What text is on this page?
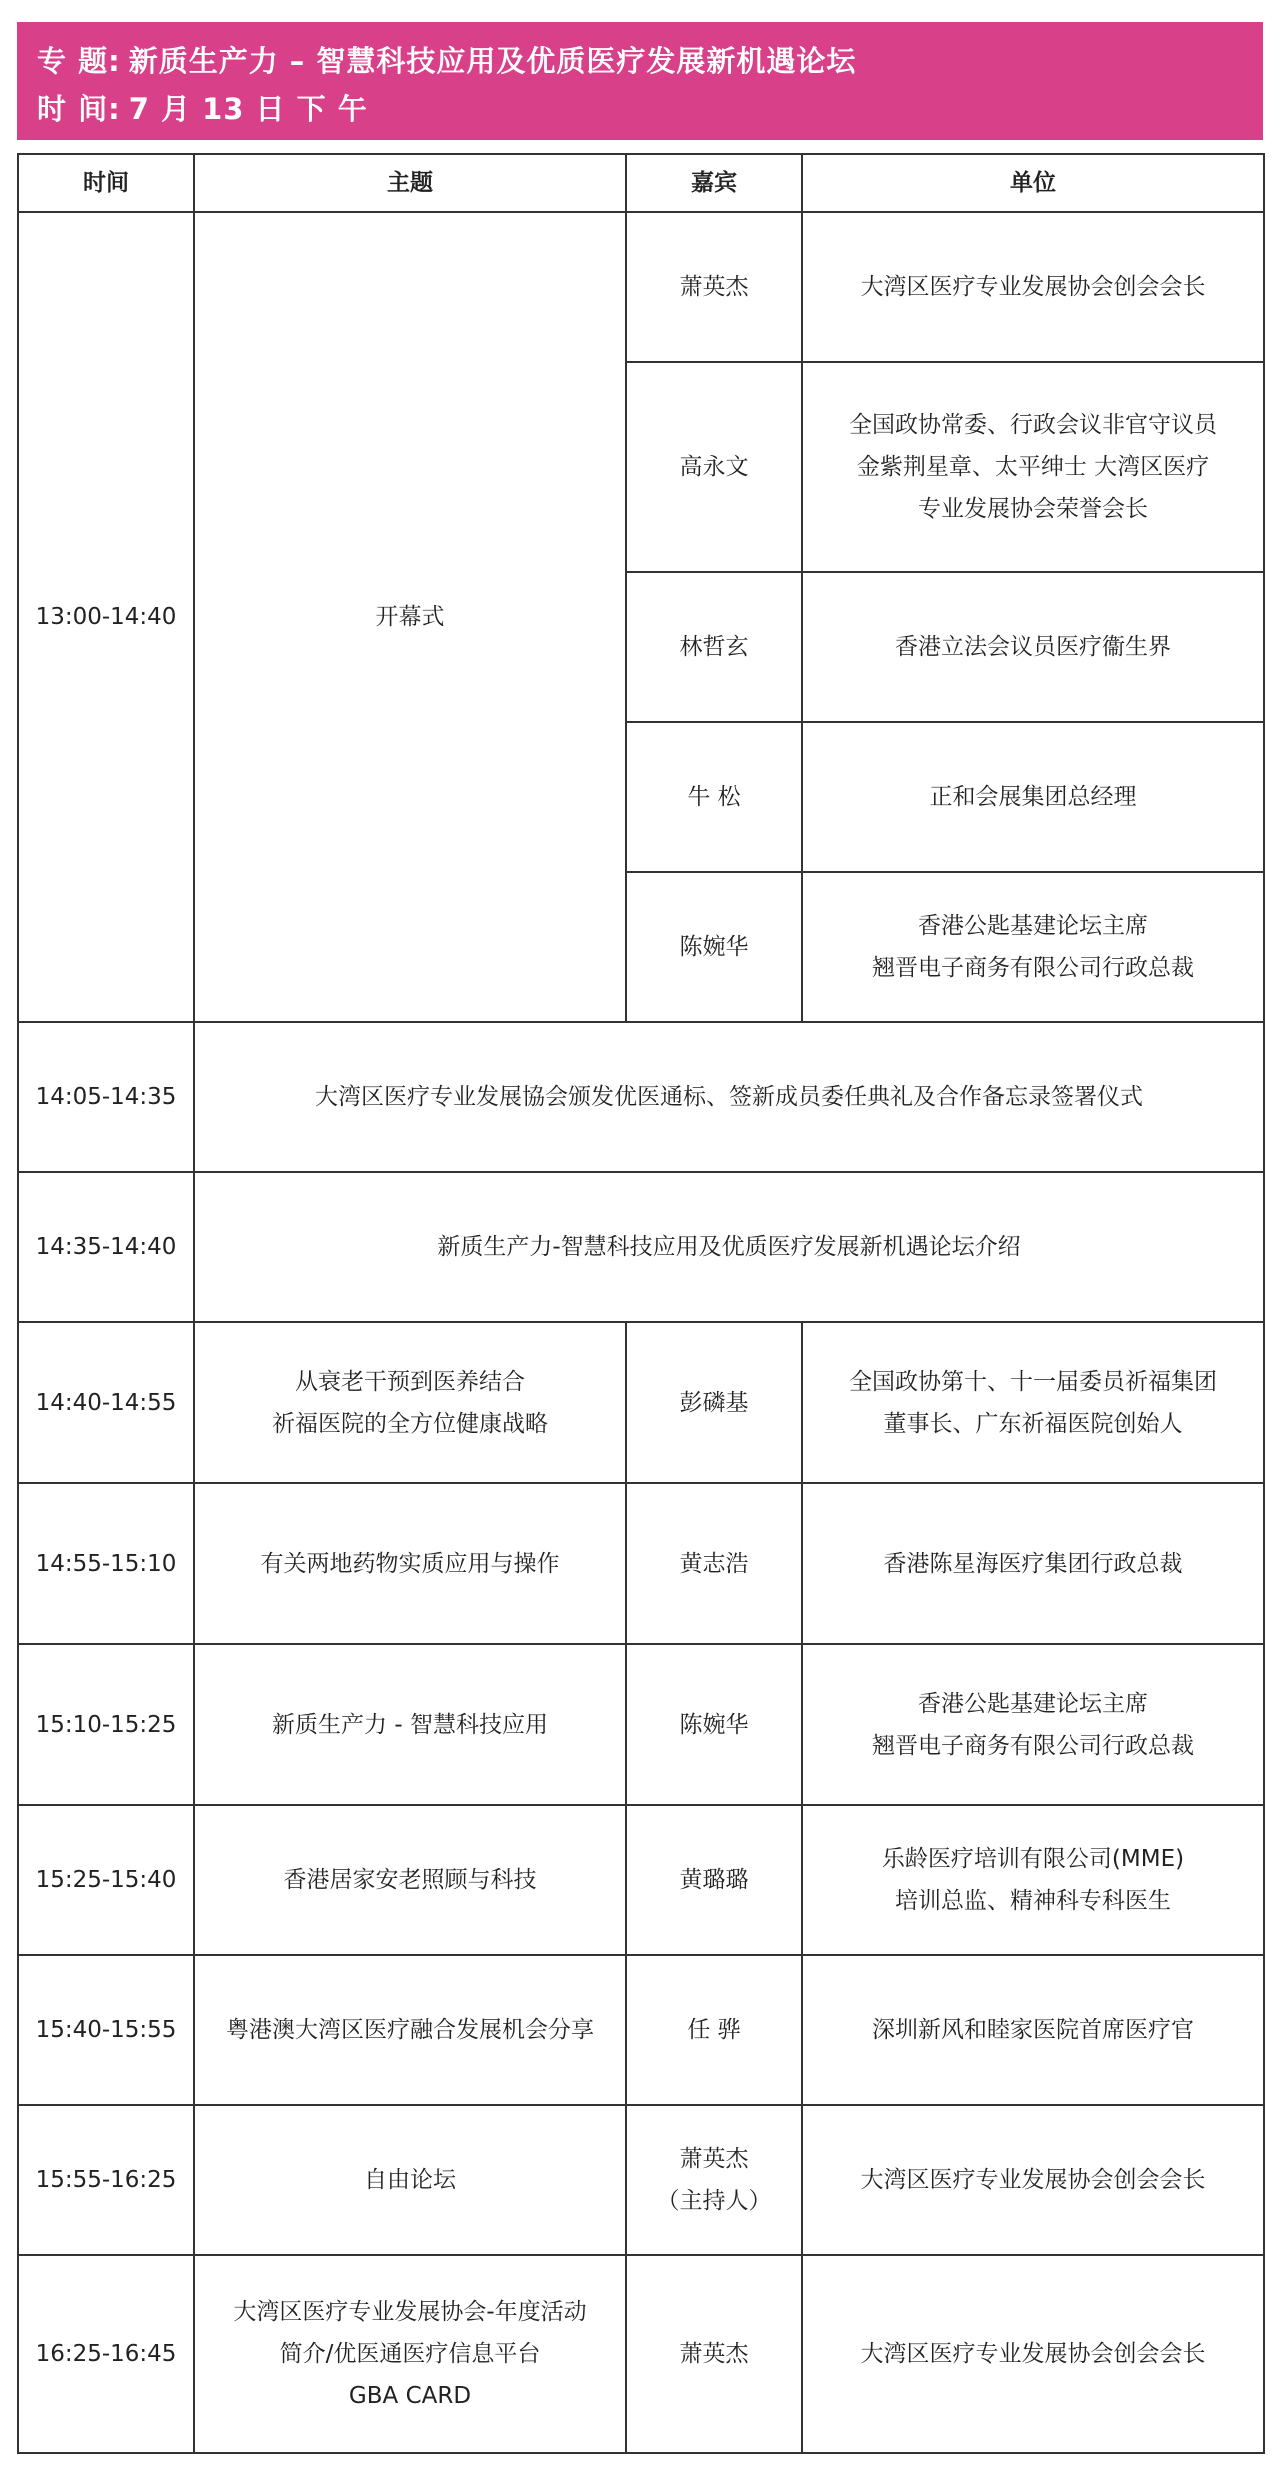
专 题: 新质生产力 – 智慧科技应用及优质医疗发展新机遇论坛
时 间: 7 月 13 日 下 午
时间	主题	嘉宾	单位
13:00-14:40	开幕式	萧英杰	大湾区医疗专业发展协会创会会长

		高永文	全国政协常委、行政会议非官守议员
金紫荆星章、太平绅士 大湾区医疗
专业发展协会荣誉会长

		林哲玄	香港立法会议员医疗衞生界

		牛 松	正和会展集团总经理

		陈婉华	香港公匙基建论坛主席
翘晋电子商务有限公司行政总裁

14:05-14:35	大湾区医疗专业发展協会颁发优医通标、签新成员委任典礼及合作备忘录签署仪式		
14:35-14:40	新质生产力-智慧科技应用及优质医疗发展新机遇论坛介绍		
14:40-14:55	从衰老干预到医养结合
祈福医院的全方位健康战略	彭磷基	全国政协第十、十一届委员祈福集团
董事长、广东祈福医院创始人

14:55-15:10	有关两地药物实质应用与操作	黄志浩	香港陈星海医疗集团行政总裁

15:10-15:25	新质生产力 - 智慧科技应用	陈婉华	香港公匙基建论坛主席
翘晋电子商务有限公司行政总裁

15:25-15:40	香港居家安老照顾与科技	黄璐璐	乐龄医疗培训有限公司(MME)
培训总监、精神科专科医生

15:40-15:55	粤港澳大湾区医疗融合发展机会分享	任 骅	深圳新风和睦家医院首席医疗官

15:55-16:25	自由论坛	萧英杰
（主持人）	大湾区医疗专业发展协会创会会长

16:25-16:45	大湾区医疗专业发展协会-年度活动
简介/优医通医疗信息平台
GBA CARD	萧英杰	大湾区医疗专业发展协会创会会长
